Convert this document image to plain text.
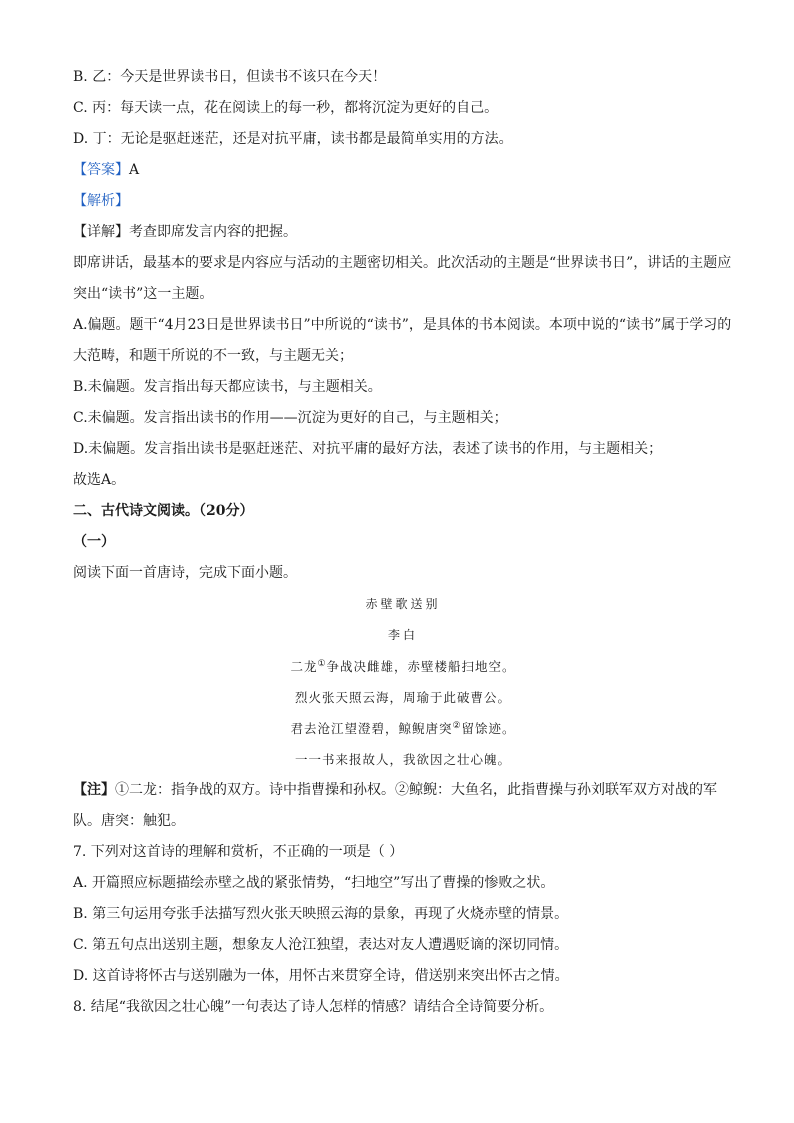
B. 乙：今天是世界读书日，但读书不该只在今天！
C. 丙：每天读一点，花在阅读上的每一秒，都将沉淀为更好的自己。
D. 丁：无论是驱赶迷茫，还是对抗平庸，读书都是最简单实用的方法。
【答案】A
【解析】
【详解】考查即席发言内容的把握。
即席讲话，最基本的要求是内容应与活动的主题密切相关。此次活动的主题是“世界读书日”，讲话的主题应突出“读书”这一主题。
A.偏题。题干“4月23日是世界读书日”中所说的“读书”，是具体的书本阅读。本项中说的“读书”属于学习的大范畴，和题干所说的不一致，与主题无关；
B.未偏题。发言指出每天都应读书，与主题相关。
C.未偏题。发言指出读书的作用——沉淀为更好的自己，与主题相关；
D.未偏题。发言指出读书是驱赶迷茫、对抗平庸的最好方法，表述了读书的作用，与主题相关；
故选A。
二、古代诗文阅读。（20分）
（一）
阅读下面一首唐诗，完成下面小题。
赤壁歌送别
李白
二龙①争战决雌雄，赤壁楼船扫地空。
烈火张天照云海，周瑜于此破曹公。
君去沧江望澄碧，鲸鲵唐突②留馀迹。
一一书来报故人，我欲因之壮心魄。
【注】①二龙：指争战的双方。诗中指曹操和孙权。②鲸鲵：大鱼名，此指曹操与孙刘联军双方对战的军队。唐突：触犯。
7. 下列对这首诗的理解和赏析，不正确的一项是（ ）
A. 开篇照应标题描绘赤壁之战的紧张情势，“扫地空”写出了曹操的惨败之状。
B. 第三句运用夸张手法描写烈火张天映照云海的景象，再现了火烧赤壁的情景。
C. 第五句点出送别主题，想象友人沧江独望，表达对友人遭遇贬谪的深切同情。
D. 这首诗将怀古与送别融为一体，用怀古来贯穿全诗，借送别来突出怀古之情。
8. 结尾“我欲因之壮心魄”一句表达了诗人怎样的情感？请结合全诗简要分析。
